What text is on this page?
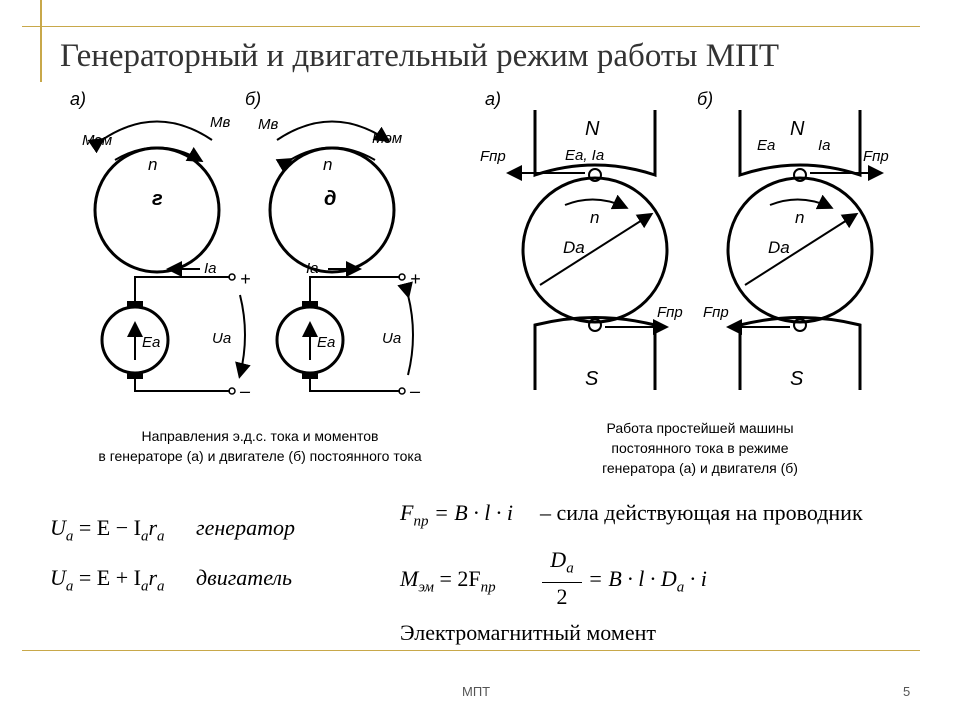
Генераторный и двигательный режим работы МПТ
а)	б)
Mэм
Mв
n
г
Mв
Mэм
n
д
Ia
Ea	Ua
+
–
Ia
Ea	Ua
+
–
а)	б)
N
S
Da
n
Ea, Ia
Fпр
Fпр
N
S
Da
n
Ea	Ia
Fпр
Fпр
Направления э.д.с. тока и моментов
в генераторе (а) и двигателе (б) постоянного тока
Работа простейшей машины
постоянного тока в режиме
генератора (а) и двигателя (б)
$U_a = E - I_ar_a$ генератор
$U_a = E + I_ar_a$ двигатель
$F_{пр} = B \cdot l \cdot i$ – сила действующая на проводник
$M_{эм} = 2F_{пр}$
$D_a$
2
= $B \cdot l \cdot D_a \cdot i$
Электромагнитный момент
МПТ	5
